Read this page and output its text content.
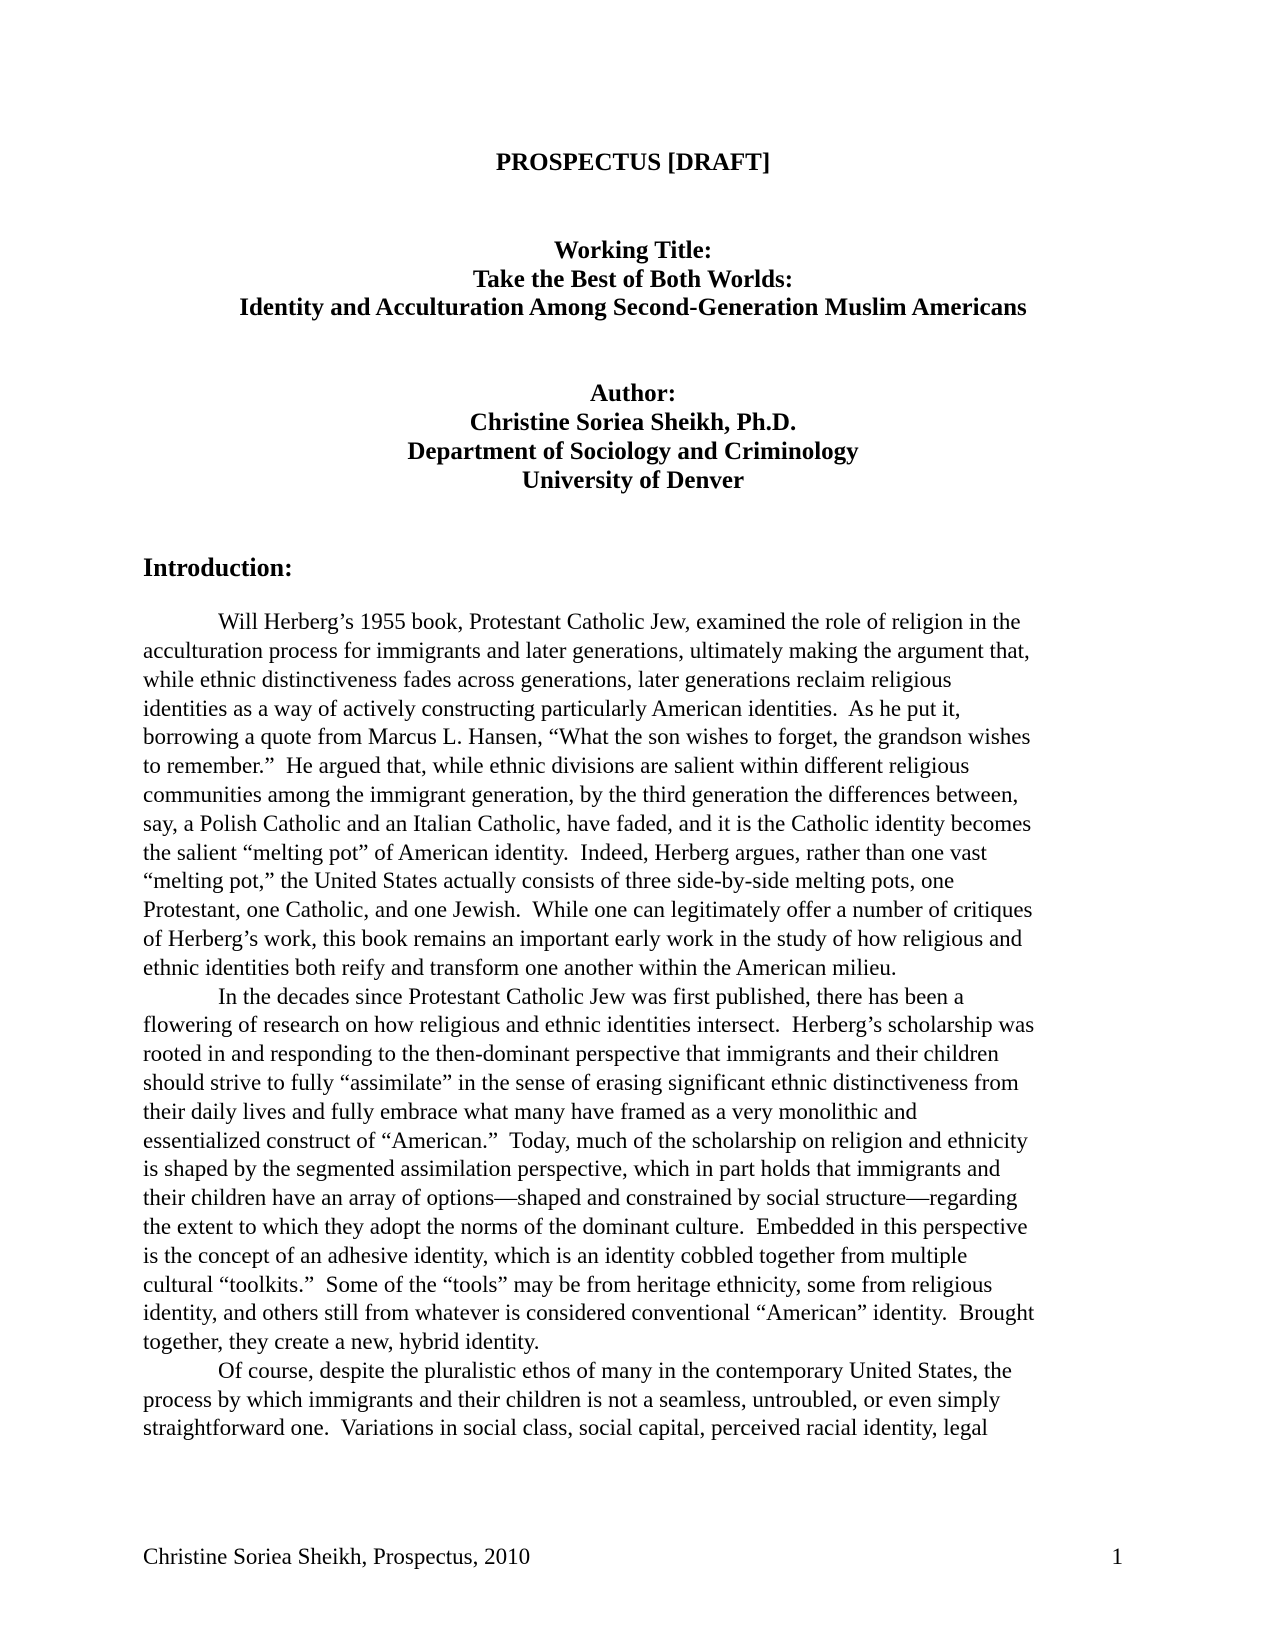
PROSPECTUS [DRAFT]
Working Title:
Take the Best of Both Worlds:
Identity and Acculturation Among Second-Generation Muslim Americans
Author:
Christine Soriea Sheikh, Ph.D.
Department of Sociology and Criminology
University of Denver
Introduction:
Will Herberg’s 1955 book, Protestant Catholic Jew, examined the role of religion in the
acculturation process for immigrants and later generations, ultimately making the argument that,
while ethnic distinctiveness fades across generations, later generations reclaim religious
identities as a way of actively constructing particularly American identities.  As he put it,
borrowing a quote from Marcus L. Hansen, “What the son wishes to forget, the grandson wishes
to remember.”  He argued that, while ethnic divisions are salient within different religious
communities among the immigrant generation, by the third generation the differences between,
say, a Polish Catholic and an Italian Catholic, have faded, and it is the Catholic identity becomes
the salient “melting pot” of American identity.  Indeed, Herberg argues, rather than one vast
“melting pot,” the United States actually consists of three side-by-side melting pots, one
Protestant, one Catholic, and one Jewish.  While one can legitimately offer a number of critiques
of Herberg’s work, this book remains an important early work in the study of how religious and
ethnic identities both reify and transform one another within the American milieu.
In the decades since Protestant Catholic Jew was first published, there has been a
flowering of research on how religious and ethnic identities intersect.  Herberg’s scholarship was
rooted in and responding to the then-dominant perspective that immigrants and their children
should strive to fully “assimilate” in the sense of erasing significant ethnic distinctiveness from
their daily lives and fully embrace what many have framed as a very monolithic and
essentialized construct of “American.”  Today, much of the scholarship on religion and ethnicity
is shaped by the segmented assimilation perspective, which in part holds that immigrants and
their children have an array of options—shaped and constrained by social structure—regarding
the extent to which they adopt the norms of the dominant culture.  Embedded in this perspective
is the concept of an adhesive identity, which is an identity cobbled together from multiple
cultural “toolkits.”  Some of the “tools” may be from heritage ethnicity, some from religious
identity, and others still from whatever is considered conventional “American” identity.  Brought
together, they create a new, hybrid identity.
Of course, despite the pluralistic ethos of many in the contemporary United States, the
process by which immigrants and their children is not a seamless, untroubled, or even simply
straightforward one.  Variations in social class, social capital, perceived racial identity, legal
Christine Soriea Sheikh, Prospectus, 2010	1
